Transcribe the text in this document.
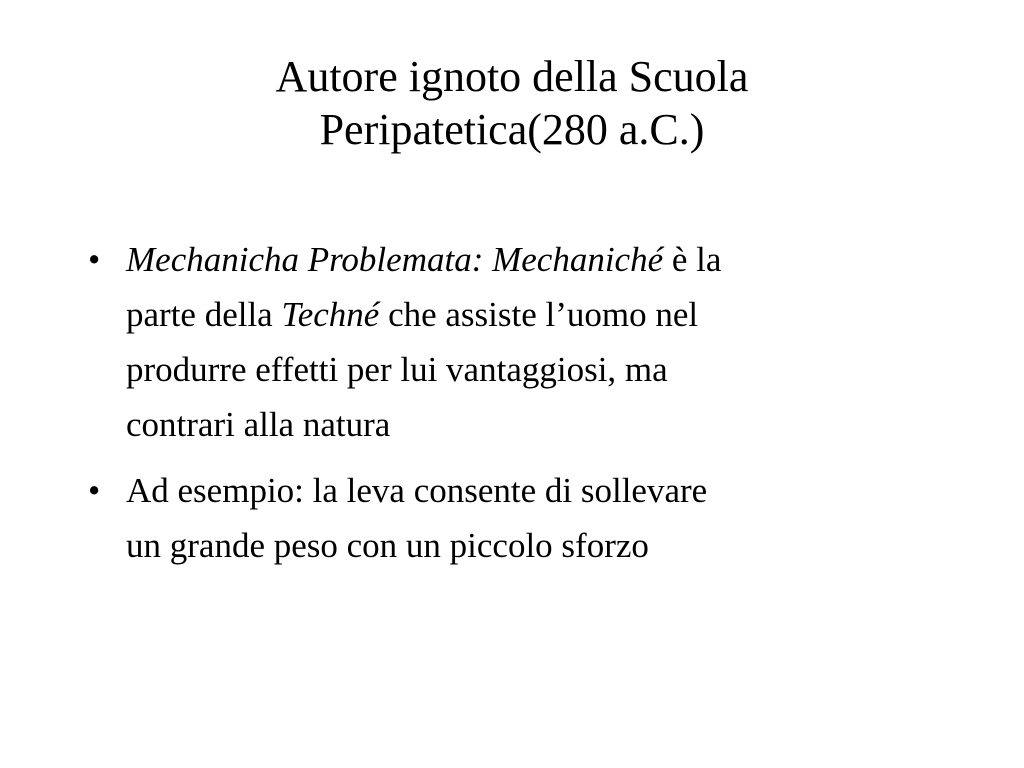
Autore ignoto della Scuola
Peripatetica(280 a.C.)
• Mechanicha Problemata: Mechaniché è la
parte della Techné che assiste l’uomo nel
produrre effetti per lui vantaggiosi, ma
contrari alla natura
• Ad esempio: la leva consente di sollevare
un grande peso con un piccolo sforzo
